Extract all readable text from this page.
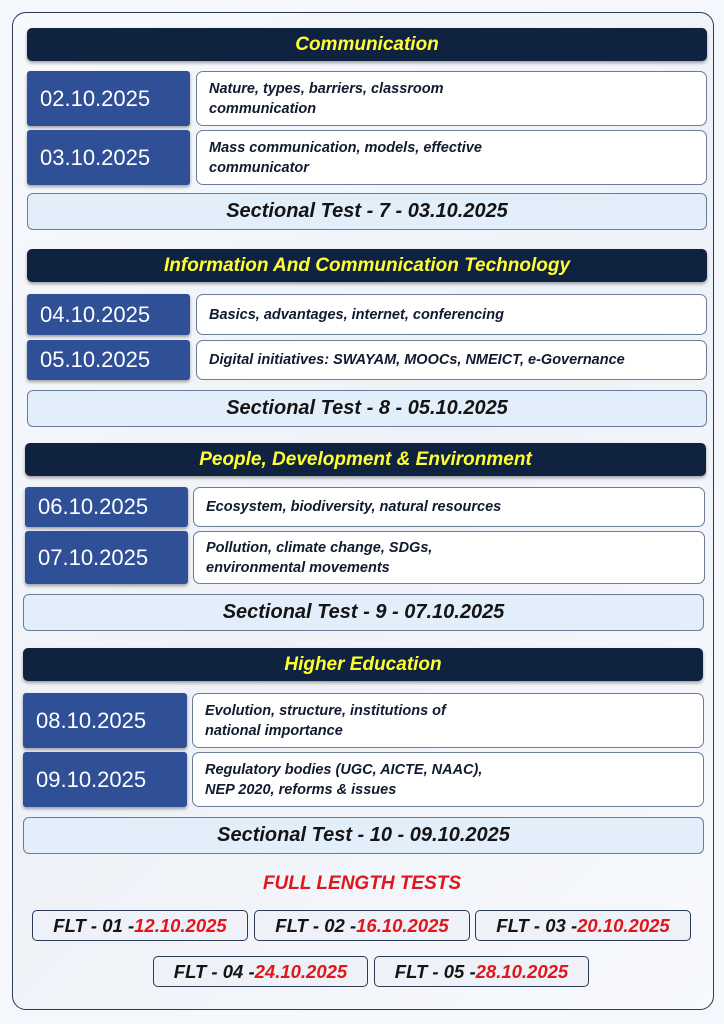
Communication
02.10.2025	Nature, types, barriers, classroom
communication
03.10.2025	Mass communication, models, effective
communicator
Sectional Test - 7 - 03.10.2025
Information And Communication Technology
04.10.2025	Basics, advantages, internet, conferencing
05.10.2025	Digital initiatives: SWAYAM, MOOCs, NMEICT, e-Governance
Sectional Test - 8 - 05.10.2025
People, Development & Environment
06.10.2025	Ecosystem, biodiversity, natural resources
07.10.2025	Pollution, climate change, SDGs,
environmental movements
Sectional Test - 9 - 07.10.2025
Higher Education
08.10.2025	Evolution, structure, institutions of
national importance
09.10.2025	Regulatory bodies (UGC, AICTE, NAAC),
NEP 2020, reforms & issues
Sectional Test - 10 - 09.10.2025
FULL LENGTH TESTS
FLT - 01 - 12.10.2025	FLT - 02 - 16.10.2025	FLT - 03 - 20.10.2025
FLT - 04 - 24.10.2025	FLT - 05 - 28.10.2025
